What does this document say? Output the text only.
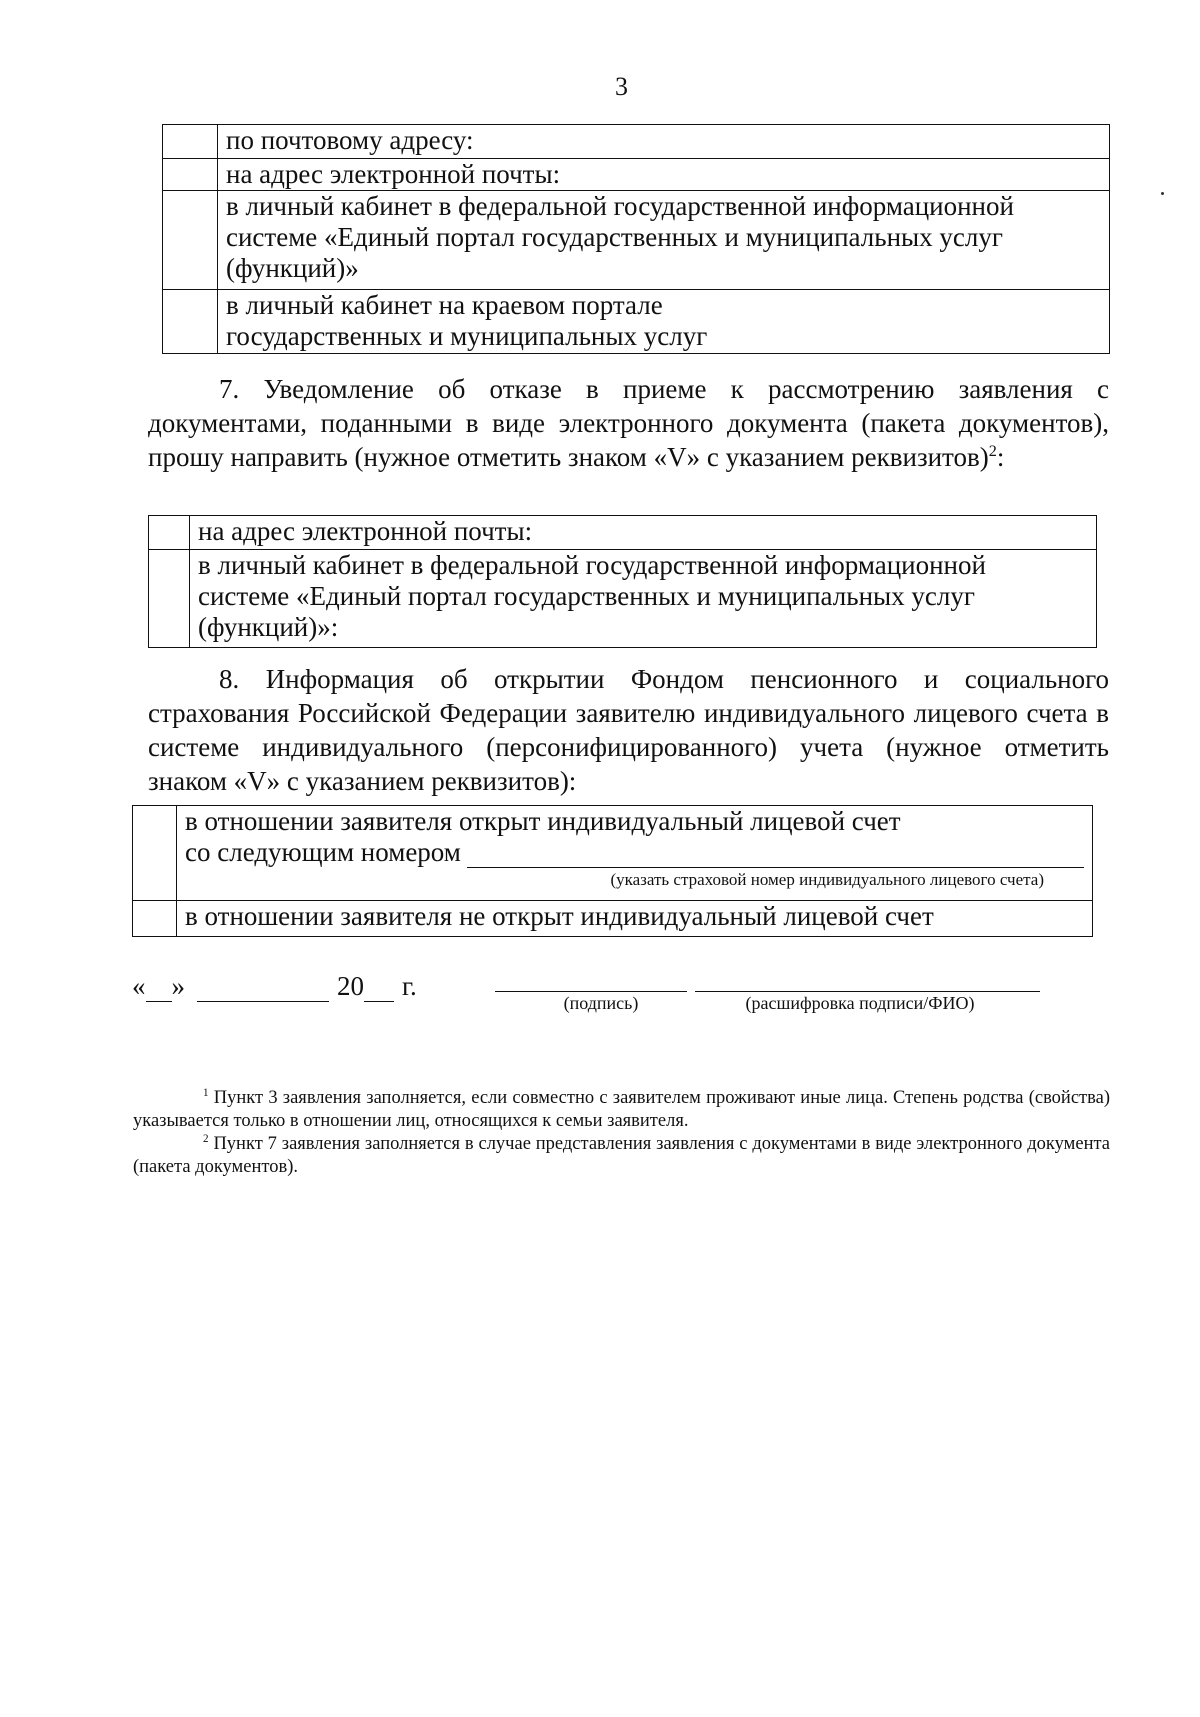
3
	по почтовому адресу:
	на адрес электронной почты:
	в личный кабинет в федеральной государственной информационной системе «Единый портал государственных и муниципальных услуг (функций)»
	в личный кабинет на краевом портале государственных и муниципальных услуг
7. Уведомление об отказе в приеме к рассмотрению заявления с документами, поданными в виде электронного документа (пакета документов), прошу направить (нужное отметить знаком «V» с указанием реквизитов)$^2$:
	на адрес электронной почты:
	в личный кабинет в федеральной государственной информационной системе «Единый портал государственных и муниципальных услуг (функций)»:
8. Информация об открытии Фондом пенсионного и социального страхования Российской Федерации заявителю индивидуального лицевого счета в системе индивидуального (персонифицированного) учета (нужное отметить знаком «V» с указанием реквизитов):

	в отношении заявителя открыт индивидуальный лицевой счет
со следующим номером
(указать страховой номер индивидуального лицевого счета)

	в отношении заявителя не открыт индивидуальный лицевой счет
« »	20 г.
(подпись)	(расшифровка подписи/ФИО)
$^1$ Пункт 3 заявления заполняется, если совместно с заявителем проживают иные лица. Степень родства (свойства) указывается только в отношении лиц, относящихся к семьи заявителя.
$^2$ Пункт 7 заявления заполняется в случае представления заявления с документами в виде электронного документа (пакета документов).
